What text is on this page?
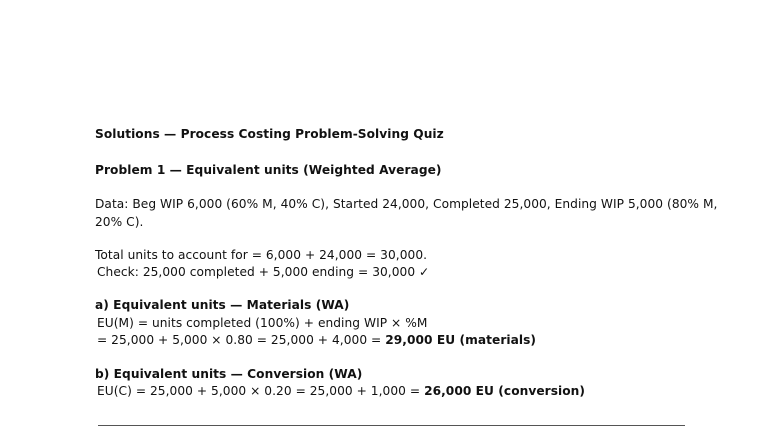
Solutions — Process Costing Problem-Solving Quiz
Problem 1 — Equivalent units (Weighted Average)
Data: Beg WIP 6,000 (60% M, 40% C), Started 24,000, Completed 25,000, Ending WIP 5,000 (80% M,
20% C).
Total units to account for = 6,000 + 24,000 = 30,000.
Check: 25,000 completed + 5,000 ending = 30,000 ✓
a) Equivalent units — Materials (WA)
EU(M) = units completed (100%) + ending WIP × %M
= 25,000 + 5,000 × 0.80 = 25,000 + 4,000 = 29,000 EU (materials)
b) Equivalent units — Conversion (WA)
EU(C) = 25,000 + 5,000 × 0.20 = 25,000 + 1,000 = 26,000 EU (conversion)
